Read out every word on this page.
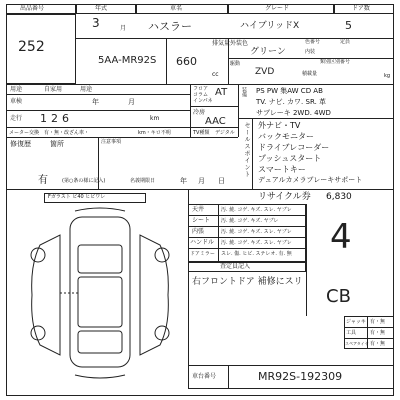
出品番号
252
年式
3	月
車名
ハスラー
グレード
ハイブリッドX
ドア数
5
5AA-MR92S
排気量
660
cc
外装色
グリーン
色番号	定員
内装
類別区別番号
駆動
ZVD	積載量	kg
用途	自家用	用途
車検	年	月
走行 126	km
メーター交換 有・無・改ざん車・	km・キロ不明
フロア
コラム
インパネ
AT
冷房
AAC
TV種類 デジタル
装備 PS PW 集AW CD AB
TV. ナビ. カワ. SR. 革
サブレーキ 2WD. 4WD
修復歴	箇所	注意事項
有	(第○条の様に記入)	名義期限日	年 月 日
セールスポイント 外ナビ・TV
バックモニター
ドライブレコーダー
プッシュスタート
スマートキー
デュアルカメラブレーキサポート
Fガラスト ビ40 ヒビワレ	リサイクル券 6,830
天井	汚. 焼. コゲ. キズ. スレ. ヤブレ
シート 汚. 焼. コゲ. キズ. ヤブレ
内張	汚. 焼. コゲ. キズ. スレ. ヤブレ
ハンドル 汚. 焼. コゲ. キズ. スレ. ヤブレ
ドアミラー スレ. 傷. ヒビ. ステレオ. 有. 無
査定員記入
右フロントドア 補修にスリ
4
CB
ジャッキ 有・無
工具	有・無
スペアタイヤ 有・無
車台番号	MR92S-192309
